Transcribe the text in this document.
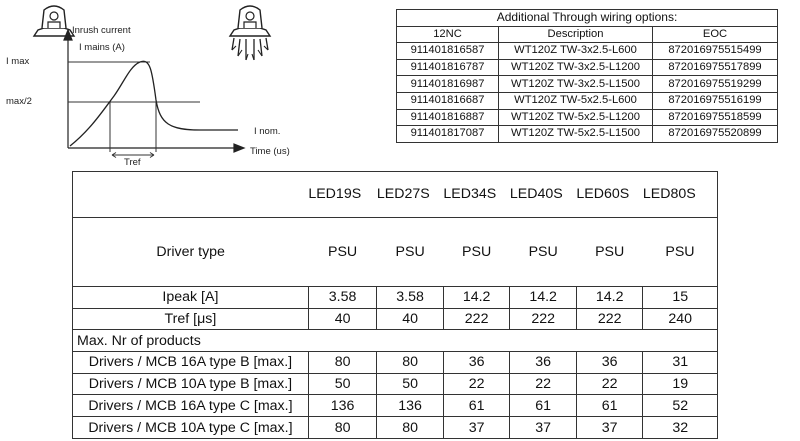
Inrush current
I mains (A)
I max
max/2
I nom.
Time (us)
Tref
Additional Through wiring options:		
12NC	Description	EOC
911401816587	WT120Z TW-3x2.5-L600	872016975515499
911401816787	WT120Z TW-3x2.5-L1200	872016975517899
911401816987	WT120Z TW-3x2.5-L1500	872016975519299
911401816687	WT120Z TW-5x2.5-L600	872016975516199
911401816887	WT120Z TW-5x2.5-L1200	872016975518599
911401817087	WT120Z TW-5x2.5-L1500	872016975520899
	LED19S	LED27S	LED34S	LED40S	LED60S	LED80S
Driver type	PSU	PSU	PSU	PSU	PSU	PSU
Ipeak [A]	3.58	3.58	14.2	14.2	14.2	15
Tref [μs]	40	40	222	222	222	240
Max. Nr of products						
Drivers / MCB 16A type B [max.]	80	80	36	36	36	31
Drivers / MCB 10A type B [max.]	50	50	22	22	22	19
Drivers / MCB 16A type C [max.]	136	136	61	61	61	52
Drivers / MCB 10A type C [max.]	80	80	37	37	37	32
